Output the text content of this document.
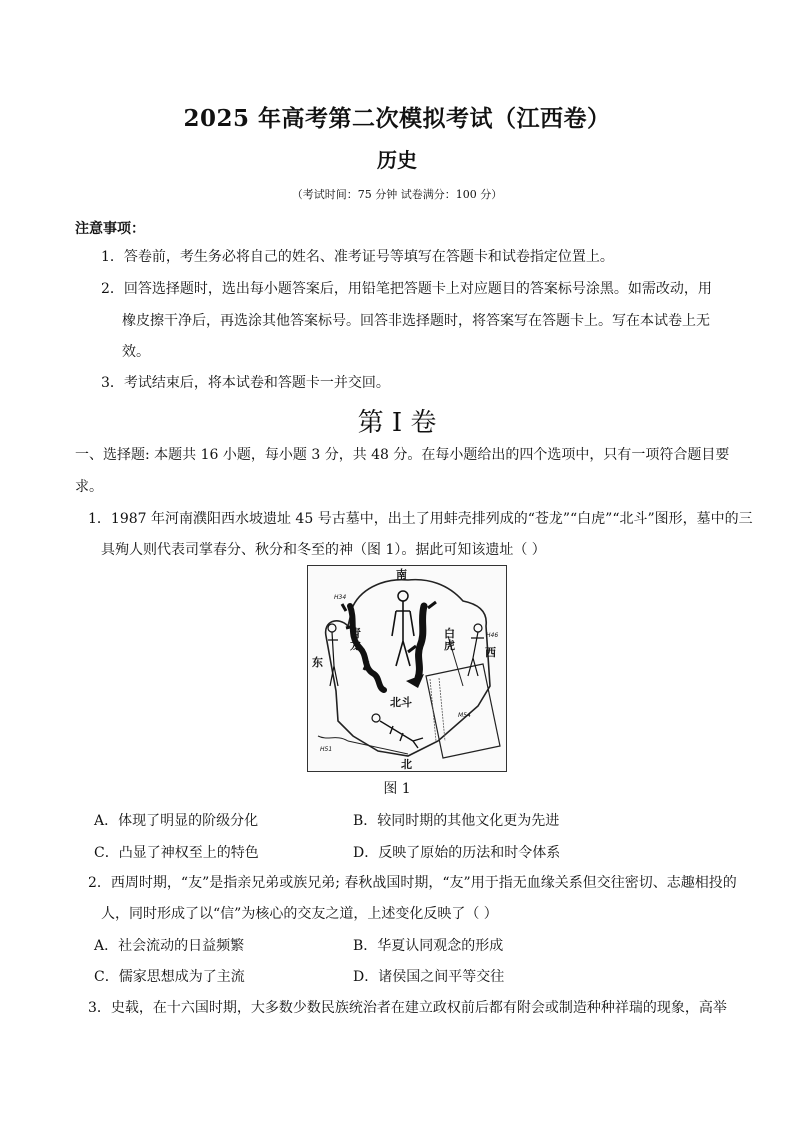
2025 年高考第二次模拟考试（江西卷）
历史
（考试时间：75 分钟 试卷满分：100 分）
注意事项：
1．答卷前，考生务必将自己的姓名、准考证号等填写在答题卡和试卷指定位置上。
2．回答选择题时，选出每小题答案后，用铅笔把答题卡上对应题目的答案标号涂黑。如需改动，用
橡皮擦干净后，再选涂其他答案标号。回答非选择题时，将答案写在答题卡上。写在本试卷上无
效。
3．考试结束后，将本试卷和答题卡一并交回。
第 I 卷
一、选择题: 本题共 16 小题，每小题 3 分，共 48 分。在每小题给出的四个选项中，只有一项符合题目要
求。
1．1987 年河南濮阳西水坡遗址 45 号古墓中，出土了用蚌壳排列成的“苍龙”“白虎”“北斗”图形，墓中的三
具殉人则代表司掌春分、秋分和冬至的神（图 1）。据此可知该遗址（ ）
南
东
西
北
青
龙
白
虎
北斗
H34
H46
H51
M54
图 1
A．体现了明显的阶级分化	B．较同时期的其他文化更为先进
C．凸显了神权至上的特色	D．反映了原始的历法和时令体系
2．西周时期，“友”是指亲兄弟或族兄弟; 春秋战国时期，“友”用于指无血缘关系但交往密切、志趣相投的
人，同时形成了以“信”为核心的交友之道，上述变化反映了（ ）
A．社会流动的日益频繁	B．华夏认同观念的形成
C．儒家思想成为了主流	D．诸侯国之间平等交往
3．史载，在十六国时期，大多数少数民族统治者在建立政权前后都有附会或制造种种祥瑞的现象，高举
